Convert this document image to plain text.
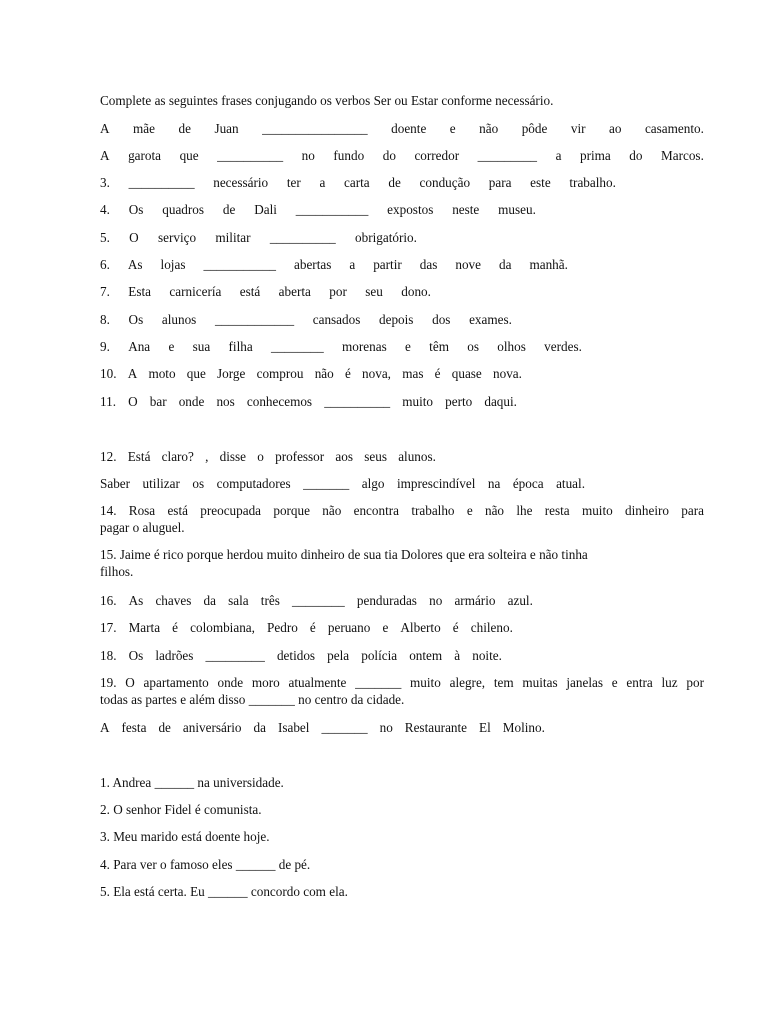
Complete as seguintes frases conjugando os verbos Ser ou Estar conforme necessário.
A mãe de Juan ________________ doente e não pôde vir ao casamento.
A garota que __________ no fundo do corredor _________ a prima do Marcos.
3. __________ necessário ter a carta de condução para este trabalho.
4. Os quadros de Dali ___________ expostos neste museu.
5. O serviço militar __________ obrigatório.
6. As lojas ___________ abertas a partir das nove da manhã.
7. Esta carnicería está aberta por seu dono.
8. Os alunos ____________ cansados depois dos exames.
9. Ana e sua filha ________ morenas e têm os olhos verdes.
10. A moto que Jorge comprou não é nova, mas é quase nova.
11. O bar onde nos conhecemos __________ muito perto daqui.
12. Está claro? , disse o professor aos seus alunos.
Saber utilizar os computadores _______ algo imprescindível na época atual.
14. Rosa está preocupada porque não encontra trabalho e não lhe resta muito dinheiro para
pagar o aluguel.
15. Jaime é rico porque herdou muito dinheiro de sua tia Dolores que era solteira e não tinha
filhos.
16. As chaves da sala três ________ penduradas no armário azul.
17. Marta é colombiana, Pedro é peruano e Alberto é chileno.
18. Os ladrões _________ detidos pela polícia ontem à noite.
19. O apartamento onde moro atualmente _______ muito alegre, tem muitas janelas e entra luz por
todas as partes e além disso _______ no centro da cidade.
A festa de aniversário da Isabel _______ no Restaurante El Molino.
1. Andrea ______ na universidade.
2. O senhor Fidel é comunista.
3. Meu marido está doente hoje.
4. Para ver o famoso eles ______ de pé.
5. Ela está certa. Eu ______ concordo com ela.
